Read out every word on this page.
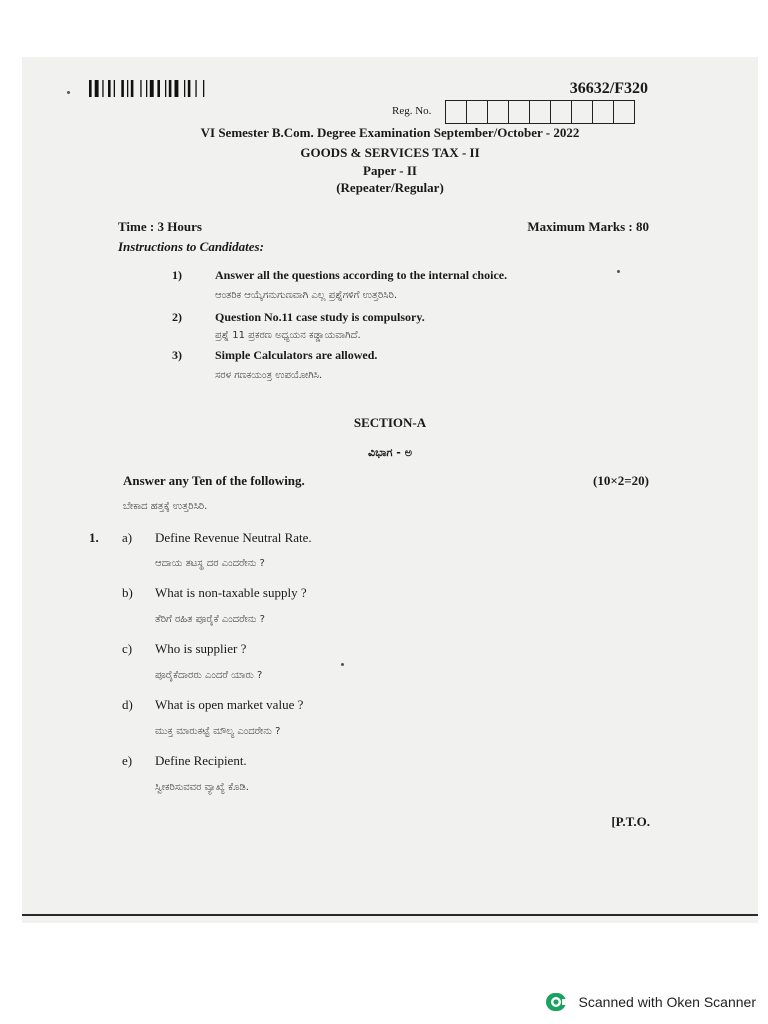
36632/F320
Reg. No.
VI Semester B.Com. Degree Examination September/October - 2022
GOODS & SERVICES TAX - II
Paper - II
(Repeater/Regular)
Time : 3 Hours	Maximum Marks : 80
Instructions to Candidates:
1)	Answer all the questions according to the internal choice.
ಆಂತರಿಕ ಆಯ್ಕೆಗನುಗುಣವಾಗಿ ಎಲ್ಲ ಪ್ರಶ್ನೆಗಳಿಗೆ ಉತ್ತರಿಸಿರಿ.
2)	Question No.11 case study is compulsory.
ಪ್ರಶ್ನೆ 11 ಪ್ರಕರಣ ಅಧ್ಯಯನ ಕಡ್ಡಾಯವಾಗಿದೆ.
3)	Simple Calculators are allowed.
ಸರಳ ಗಣಕಯಂತ್ರ ಉಪಯೋಗಿಸಿ.
SECTION-A
ವಿಭಾಗ - ಅ
Answer any Ten of the following.	(10×2=20)
ಬೇಕಾದ ಹತ್ತಕ್ಕೆ ಉತ್ತರಿಸಿರಿ.
1. a) Define Revenue Neutral Rate.
ಆದಾಯ ತಟಸ್ಥ ದರ ಎಂದರೇನು ?
b) What is non-taxable supply ?
ತೆರಿಗೆ ರಹಿತ ಪೂರೈಕೆ ಎಂದರೇನು ?
c) Who is supplier ?
ಪೂರೈಕೆದಾರರು ಎಂದರೆ ಯಾರು ?
d) What is open market value ?
ಮುಕ್ತ ಮಾರುಕಟ್ಟೆ ಮೌಲ್ಯ ಎಂದರೇನು ?
e) Define Recipient.
ಸ್ವೀಕರಿಸುವವರ ವ್ಯಾಖ್ಯೆ ಕೊಡಿ.
[P.T.O.
Scanned with Oken Scanner
